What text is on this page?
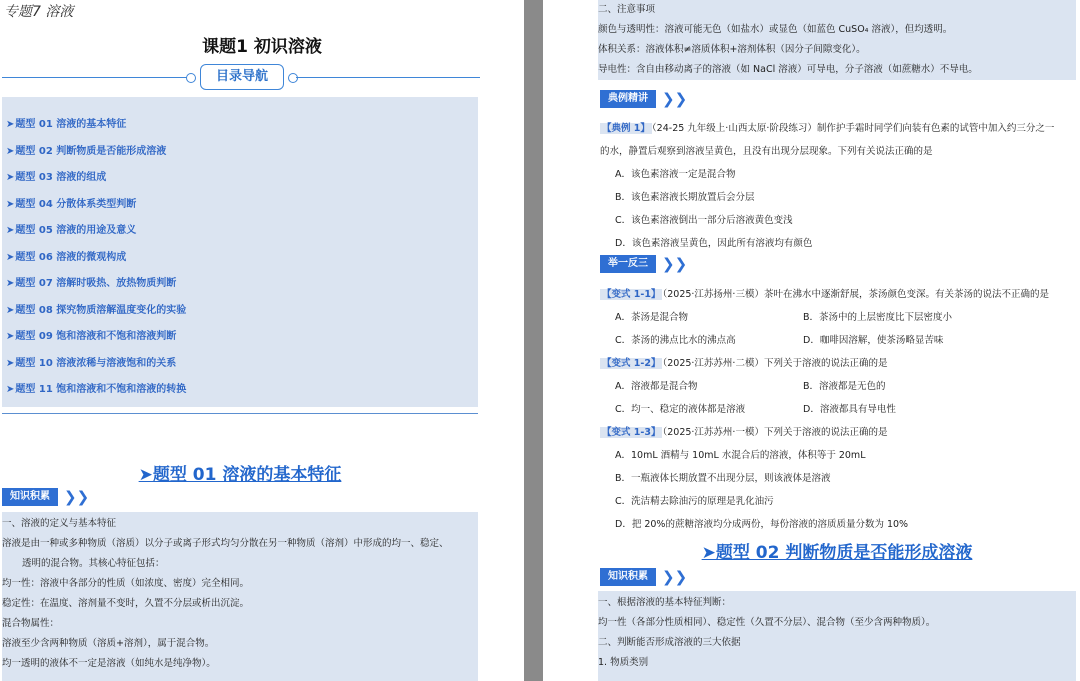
专题7 溶液
课题1 初识溶液
目录导航
➤题型 01 溶液的基本特征
➤题型 02 判断物质是否能形成溶液
➤题型 03 溶液的组成
➤题型 04 分散体系类型判断
➤题型 05 溶液的用途及意义
➤题型 06 溶液的微观构成
➤题型 07 溶解时吸热、放热物质判断
➤题型 08 探究物质溶解温度变化的实验
➤题型 09 饱和溶液和不饱和溶液判断
➤题型 10 溶液浓稀与溶液饱和的关系
➤题型 11 饱和溶液和不饱和溶液的转换
➤题型 01 溶液的基本特征
知识积累 ❯❯
一、溶液的定义与基本特征
溶液是由一种或多种物质（溶质）以分子或离子形式均匀分散在另一种物质（溶剂）中形成的均一、稳定、
透明的混合物。其核心特征包括：
均一性：溶液中各部分的性质（如浓度、密度）完全相同。
稳定性：在温度、溶剂量不变时，久置不分层或析出沉淀。
混合物属性：
溶液至少含两种物质（溶质+溶剂），属于混合物。
均一透明的液体不一定是溶液（如纯水是纯净物）。
二、注意事项
颜色与透明性：溶液可能无色（如盐水）或显色（如蓝色 CuSO₄ 溶液），但均透明。
体积关系：溶液体积≠溶质体积+溶剂体积（因分子间隙变化）。
导电性：含自由移动离子的溶液（如 NaCl 溶液）可导电，分子溶液（如蔗糖水）不导电。
典例精讲 ❯❯
【典例 1】 （24-25 九年级上·山西太原·阶段练习）制作护手霜时同学们向装有色素的试管中加入约三分之一
的水，静置后观察到溶液呈黄色，且没有出现分层现象。下列有关说法正确的是
A．该色素溶液一定是混合物
B．该色素溶液长期放置后会分层
C．该色素溶液倒出一部分后溶液黄色变浅
D．该色素溶液呈黄色，因此所有溶液均有颜色
举一反三 ❯❯
【变式 1-1】 （2025·江苏扬州·三模）茶叶在沸水中逐渐舒展，茶汤颜色变深。有关茶汤的说法不正确的是
A．茶汤是混合物	B．茶汤中的上层密度比下层密度小
C．茶汤的沸点比水的沸点高	D．咖啡因溶解，使茶汤略显苦味
【变式 1-2】 （2025·江苏苏州·二模）下列关于溶液的说法正确的是
A．溶液都是混合物	B．溶液都是无色的
C．均一、稳定的液体都是溶液	D．溶液都具有导电性
【变式 1-3】 （2025·江苏苏州·一模）下列关于溶液的说法正确的是
A．10mL 酒精与 10mL 水混合后的溶液，体积等于 20mL
B．一瓶液体长期放置不出现分层，则该液体是溶液
C．洗洁精去除油污的原理是乳化油污
D．把 20%的蔗糖溶液均分成两份，每份溶液的溶质质量分数为 10%
➤题型 02 判断物质是否能形成溶液
知识积累 ❯❯
一、根据溶液的基本特征判断：
均一性（各部分性质相同）、稳定性（久置不分层）、混合物（至少含两种物质）。
二、判断能否形成溶液的三大依据
1. 物质类别
